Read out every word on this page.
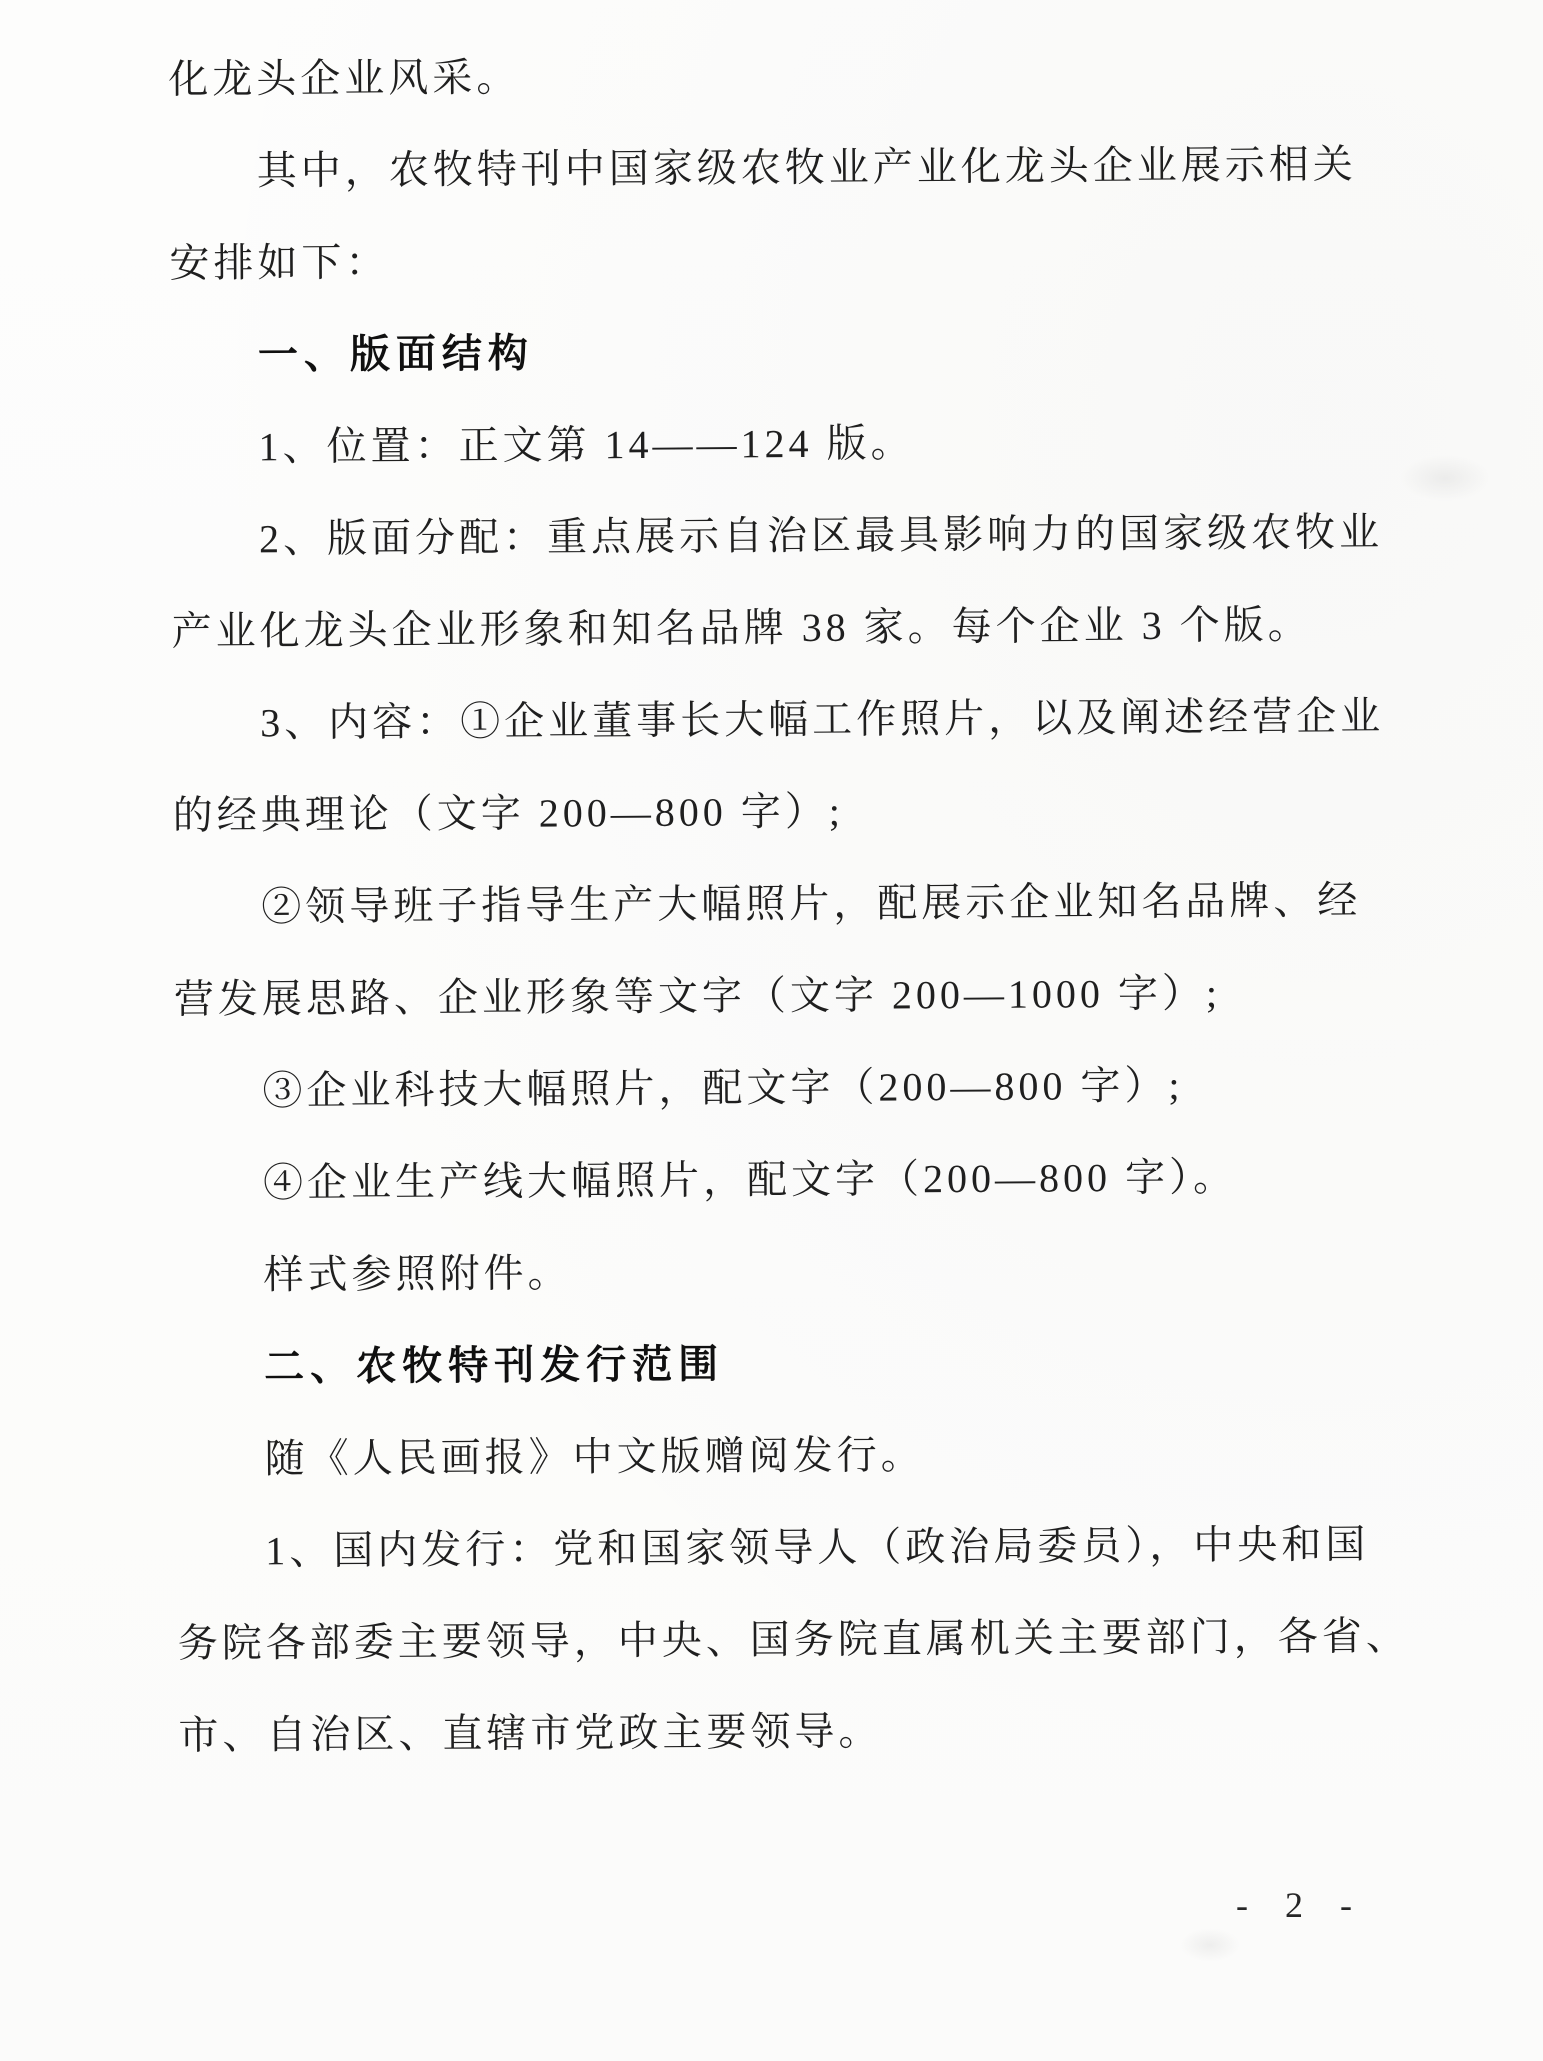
化龙头企业风采。
其中，农牧特刊中国家级农牧业产业化龙头企业展示相关
安排如下：
一、版面结构
1、位置：正文第 14——124 版。
2、版面分配：重点展示自治区最具影响力的国家级农牧业
产业化龙头企业形象和知名品牌 38 家。每个企业 3 个版。
3、内容：①企业董事长大幅工作照片，以及阐述经营企业
的经典理论（文字 200—800 字）;
②领导班子指导生产大幅照片，配展示企业知名品牌、经
营发展思路、企业形象等文字（文字 200—1000 字）;
③企业科技大幅照片，配文字（200—800 字）;
④企业生产线大幅照片，配文字（200—800 字）。
样式参照附件。
二、农牧特刊发行范围
随《人民画报》中文版赠阅发行。
1、国内发行：党和国家领导人（政治局委员），中央和国
务院各部委主要领导，中央、国务院直属机关主要部门，各省、
市、自治区、直辖市党政主要领导。
- 2 -
